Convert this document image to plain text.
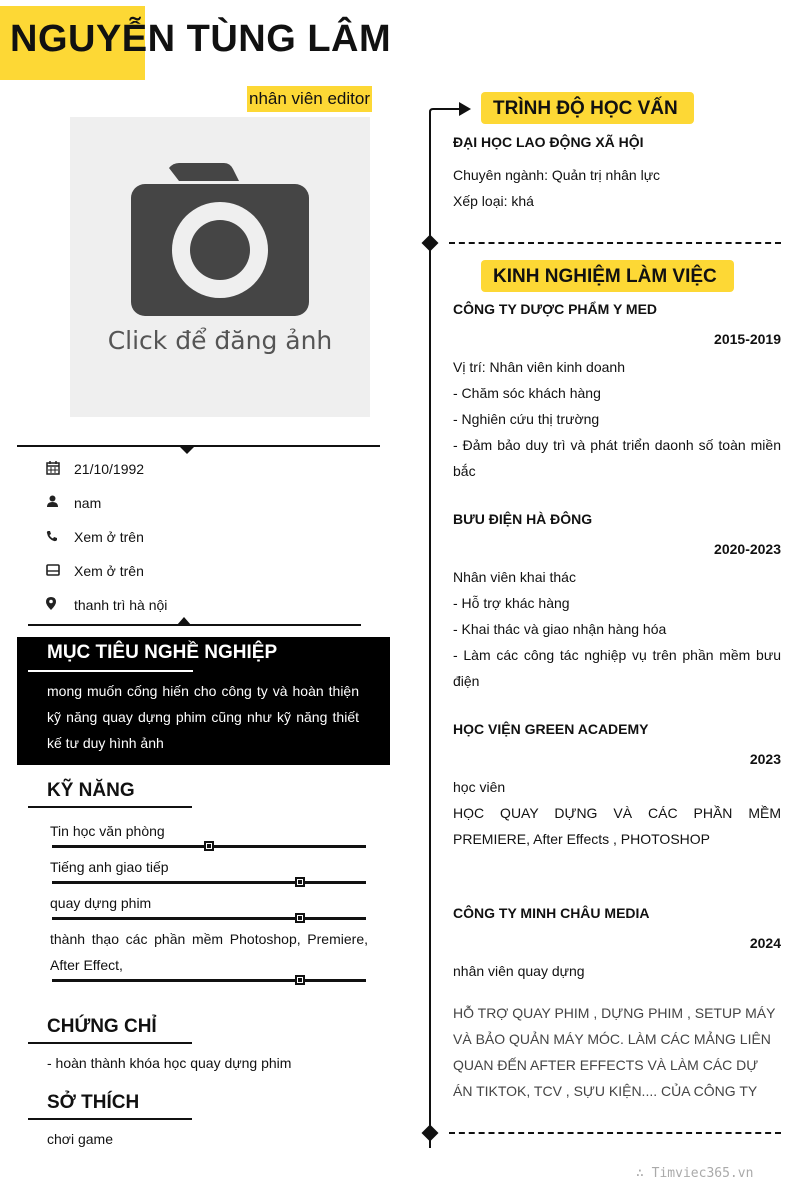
NGUYỄN TÙNG LÂM
nhân viên editor
Click để đăng ảnh
21/10/1992
nam
Xem ở trên
Xem ở trên
thanh trì hà nội
MỤC TIÊU NGHỀ NGHIỆP
mong muốn cống hiến cho công ty và hoàn thiện kỹ năng quay dựng phim cũng như kỹ năng thiết kế tư duy hình ảnh
KỸ NĂNG
Tin học văn phòng
Tiếng anh giao tiếp
quay dựng phim
thành thạo các phần mềm Photoshop, Premiere, After Effect,
CHỨNG CHỈ
- hoàn thành khóa học quay dựng phim
SỞ THÍCH
chơi game
TRÌNH ĐỘ HỌC VẤN
ĐẠI HỌC LAO ĐỘNG XÃ HỘI
Chuyên ngành: Quản trị nhân lực
Xếp loại: khá
KINH NGHIỆM LÀM VIỆC
CÔNG TY DƯỢC PHẨM Y MED
2015-2019
Vị trí: Nhân viên kinh doanh
- Chăm sóc khách hàng
- Nghiên cứu thị trường
- Đảm bảo duy trì và phát triển daonh số toàn miền bắc
BƯU ĐIỆN HÀ ĐÔNG
2020-2023
Nhân viên khai thác
- Hỗ trợ khác hàng
- Khai thác và giao nhận hàng hóa
- Làm các công tác nghiệp vụ trên phần mềm bưu điện
HỌC VIỆN GREEN ACADEMY
2023
học viên
HỌC QUAY DỰNG VÀ CÁC PHẦN MỀM PREMIERE, After Effects , PHOTOSHOP
CÔNG TY MINH CHÂU MEDIA
2024
nhân viên quay dựng
HỖ TRỢ QUAY PHIM , DỰNG PHIM , SETUP MÁY VÀ BẢO QUẢN MÁY MÓC. LÀM CÁC MẢNG LIÊN QUAN ĐẾN AFTER EFFECTS VÀ LÀM CÁC DỰ ÁN TIKTOK, TCV , SỰU KIỆN.... CỦA CÔNG TY
∴ Timviec365.vn
